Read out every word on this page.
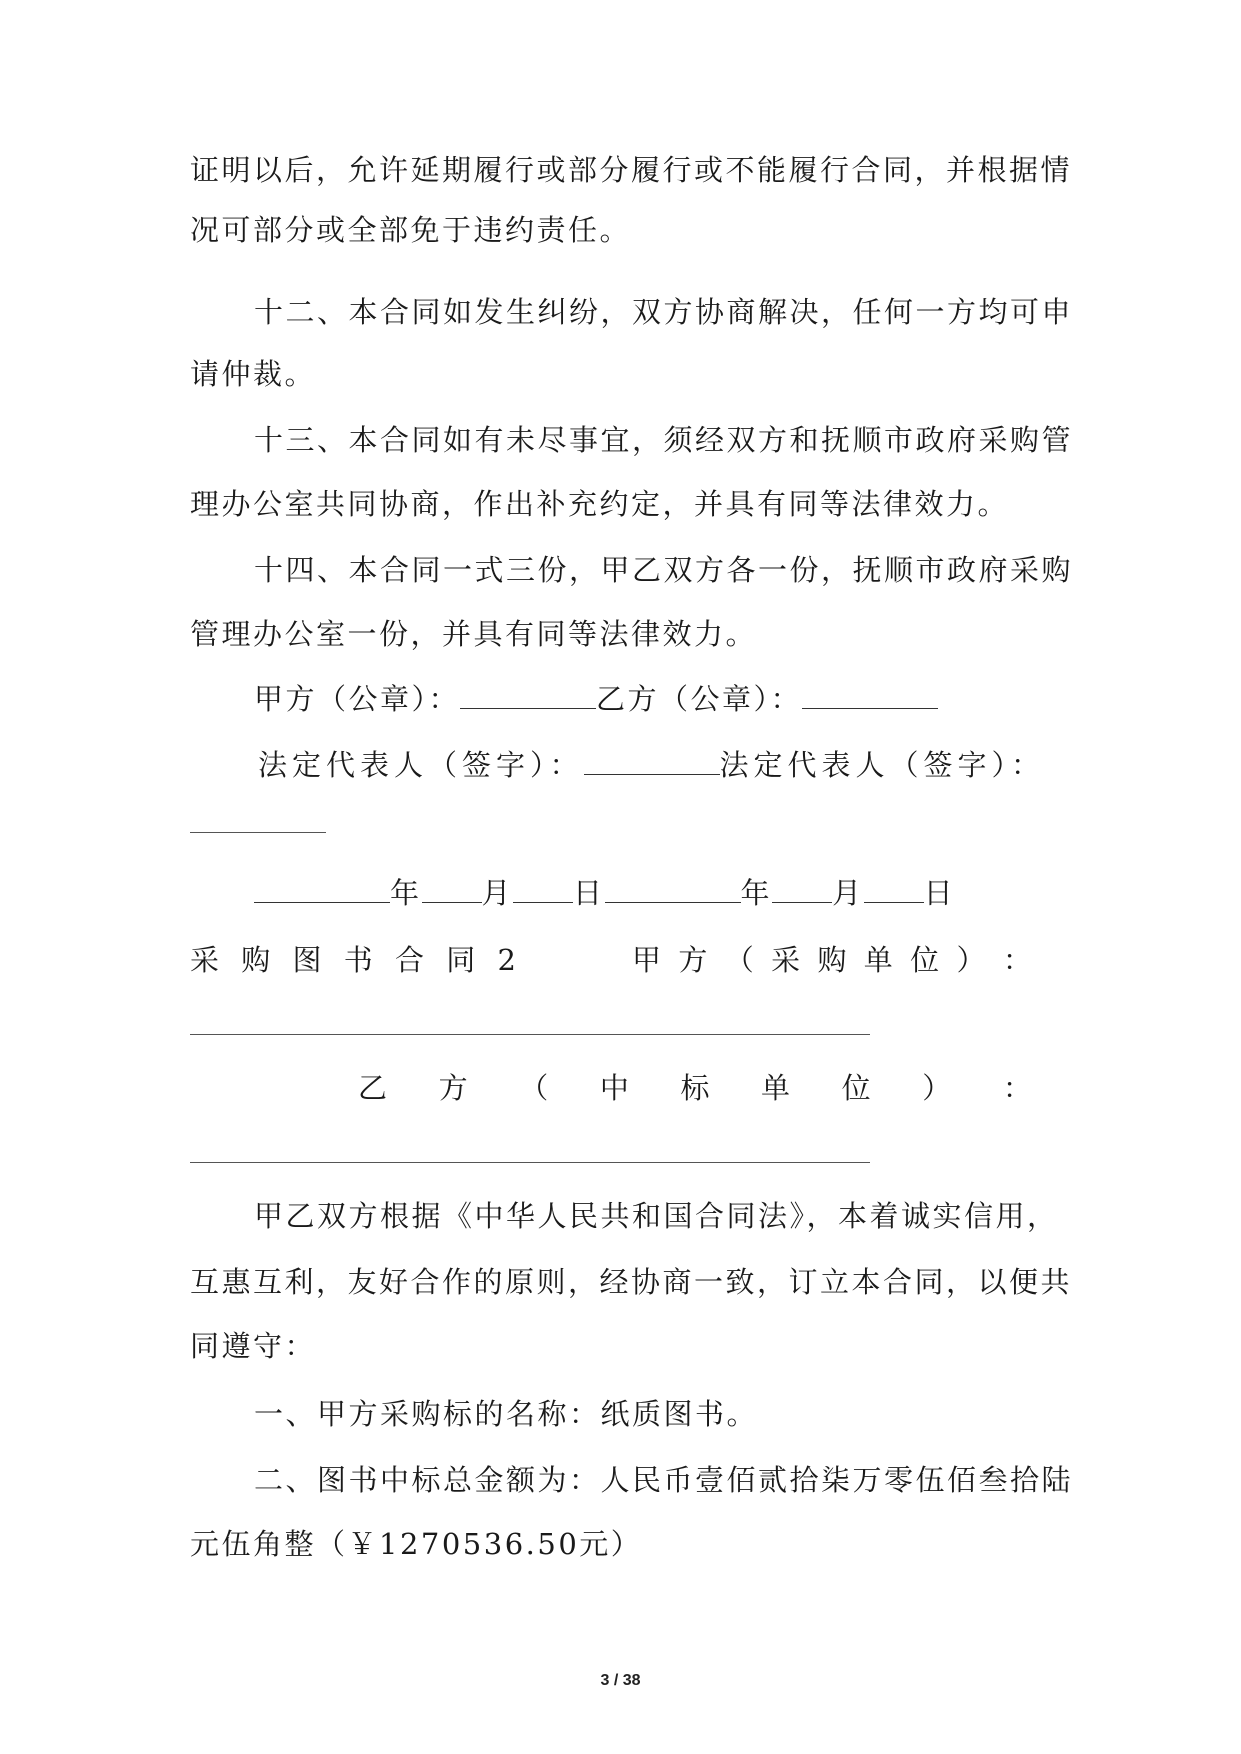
证明以后，允许延期履行或部分履行或不能履行合同，并根据情
况可部分或全部免于违约责任。
十二、本合同如发生纠纷，双方协商解决，任何一方均可申
请仲裁。
十三、本合同如有未尽事宜，须经双方和抚顺市政府采购管
理办公室共同协商，作出补充约定，并具有同等法律效力。
十四、本合同一式三份，甲乙双方各一份，抚顺市政府采购
管理办公室一份，并具有同等法律效力。
甲方（公章）：	乙方（公章）：
法定代表人（签字）：	法定代表人（签字）：
年 月 日	年 月 日
采 购 图 书 合 同 2	甲 方 （ 采 购 单 位 ） ：
乙 方 （ 中 标 单 位 ） ：
甲乙双方根据《中华人民共和国合同法》，本着诚实信用，
互惠互利，友好合作的原则，经协商一致，订立本合同，以便共
同遵守：
一、甲方采购标的名称：纸质图书。
二、图书中标总金额为：人民币壹佰贰拾柒万零伍佰叁拾陆
元伍角整（￥1270536.50元）
3 / 38
